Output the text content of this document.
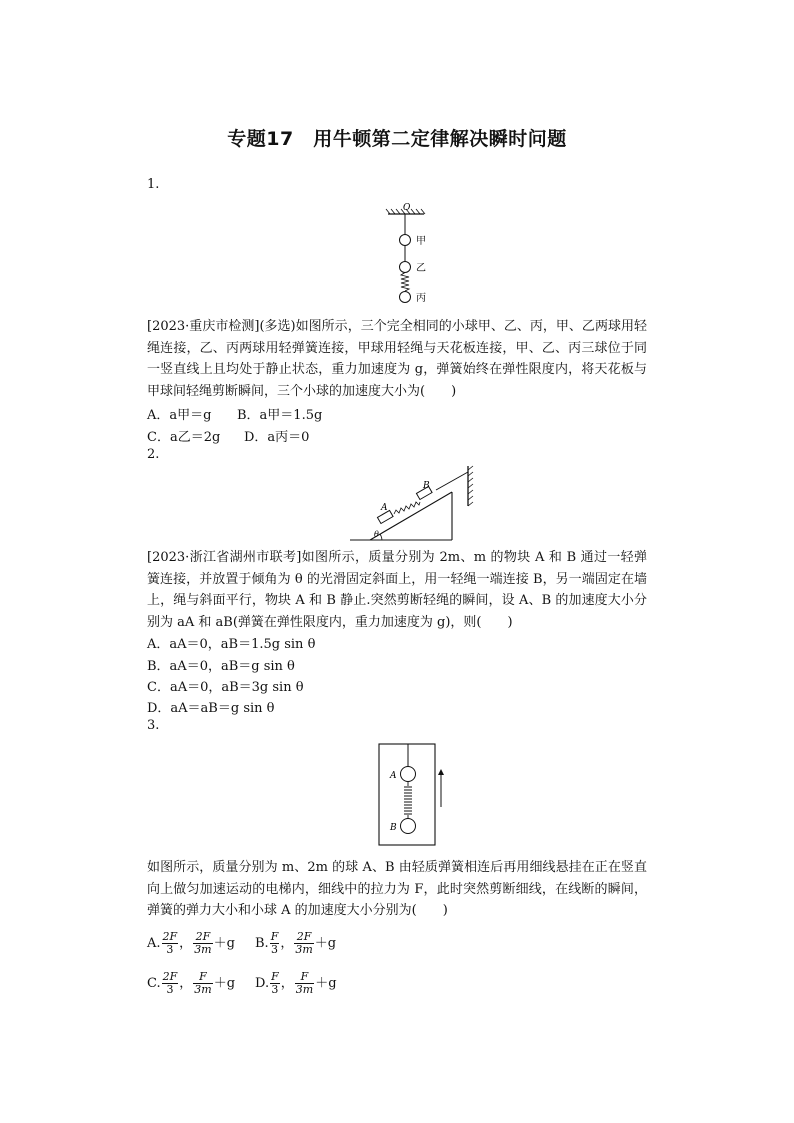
专题17　用牛顿第二定律解决瞬时问题
1.
O
甲
乙
丙
[2023·重庆市检测](多选)如图所示，三个完全相同的小球甲、乙、丙，甲、乙两球用轻绳连接，乙、丙两球用轻弹簧连接，甲球用轻绳与天花板连接，甲、乙、丙三球位于同一竖直线上且均处于静止状态，重力加速度为 g，弹簧始终在弹性限度内，将天花板与甲球间轻绳剪断瞬间，三个小球的加速度大小为(　　)
A．a甲＝g B．a甲＝1.5g
C．a乙＝2g D．a丙＝0
2.
A
B
θ
[2023·浙江省湖州市联考]如图所示，质量分别为 2m、m 的物块 A 和 B 通过一轻弹簧连接，并放置于倾角为 θ 的光滑固定斜面上，用一轻绳一端连接 B，另一端固定在墙上，绳与斜面平行，物块 A 和 B 静止.突然剪断轻绳的瞬间，设 A、B 的加速度大小分别为 aA 和 aB(弹簧在弹性限度内，重力加速度为 g)，则(　　)
A．aA＝0，aB＝1.5g sin θ
B．aA＝0，aB＝g sin θ
C．aA＝0，aB＝3g sin θ
D．aA＝aB＝g sin θ
3.
A
B
如图所示，质量分别为 m、2m 的球 A、B 由轻质弹簧相连后再用细线悬挂在正在竖直向上做匀加速运动的电梯内，细线中的拉力为 F，此时突然剪断细线，在线断的瞬间，弹簧的弹力大小和小球 A 的加速度大小分别为(　　)
A. $\frac{2F}{3}$ ， $\frac{2F}{3m} +g$ B. $\frac{F}{3}$ ， $\frac{2F}{3m} +g$
C. $\frac{2F}{3}$ ， $\frac{F}{3m} +g$ D. $\frac{F}{3}$ ， $\frac{F}{3m} +g$
